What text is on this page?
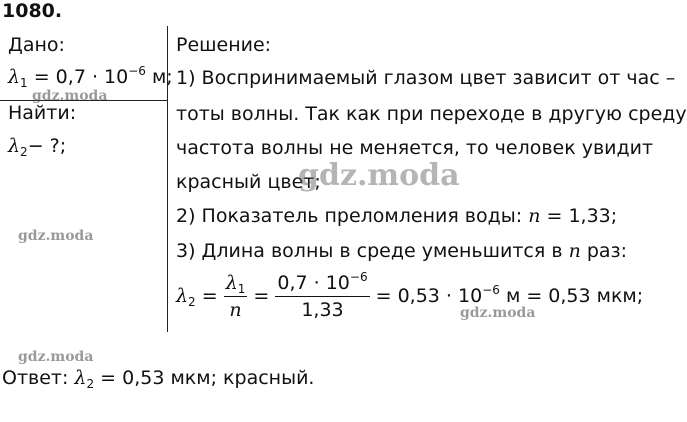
1080.
Дано:
$\lambda_1 = 0,7 \cdot 10^{-6}$ м;
Найти:
$\lambda_2-$ ?;
Решение:
1) Воспринимаемый глазом цвет зависит от час –
тоты волны. Так как при переходе в другую среду
частота волны не меняется, то человек увидит
красный цвет;
2) Показатель преломления воды: n = 1,33;
3) Длина волны в среде уменьшится в n раз:
$\lambda_2 = \frac{\lambda_1}{n} = \frac{0,7 \cdot 10^{-6}}{1,33} = 0,53 \cdot 10^{-6}$ м = 0,53 мкм;
Ответ: $\lambda_2 = 0,53$ мкм; красный.
gdz.moda
gdz.moda
gdz.moda
gdz.moda
gdz.moda
